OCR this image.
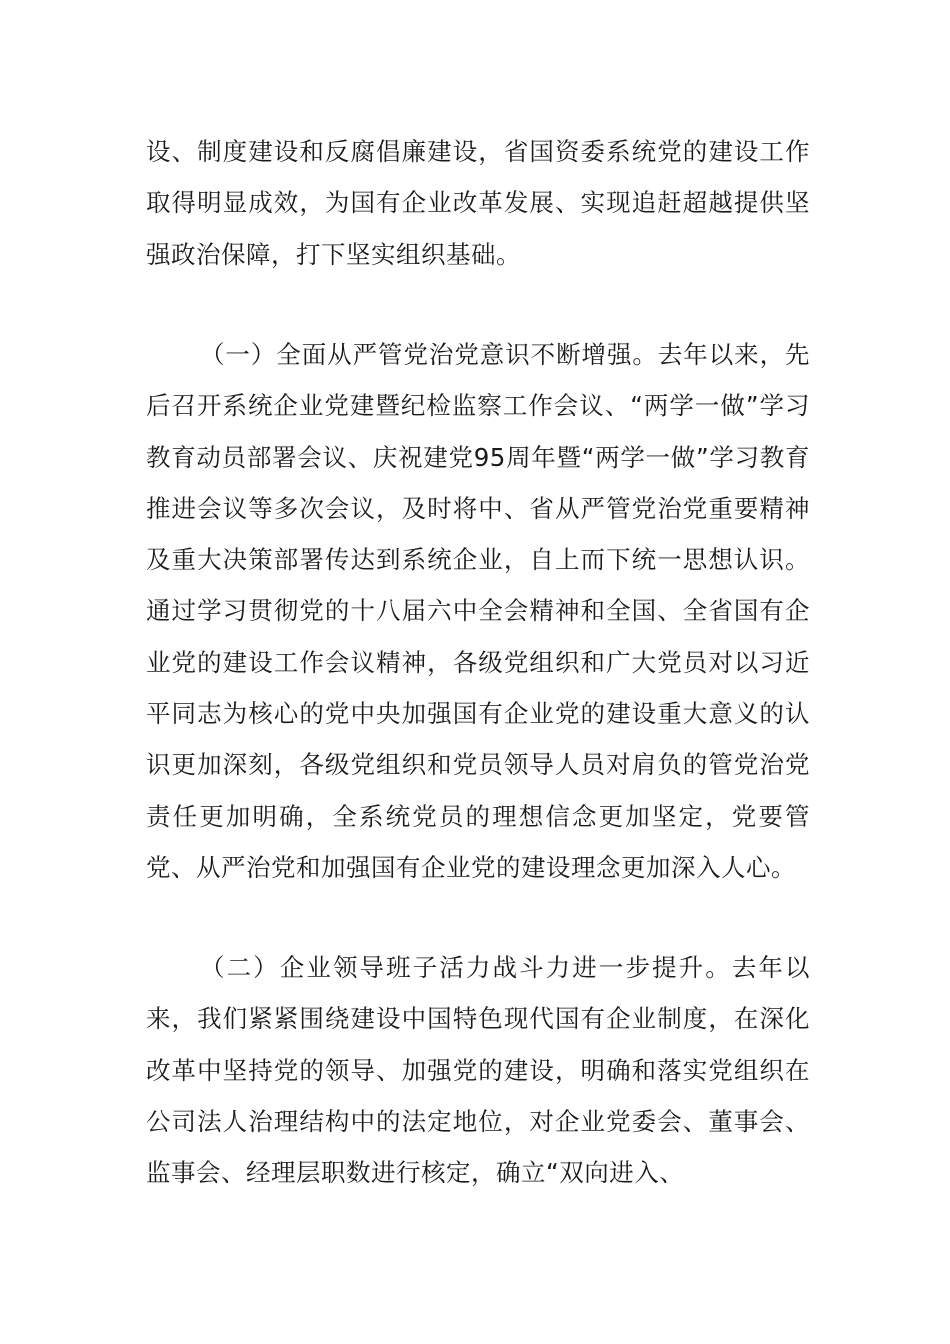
设、制度建设和反腐倡廉建设，省国资委系统党的建设工作取得明显成效，为国有企业改革发展、实现追赶超越提供坚强政治保障，打下坚实组织基础。

（一）全面从严管党治党意识不断增强。去年以来，先后召开系统企业党建暨纪检监察工作会议、“两学一做”学习教育动员部署会议、庆祝建党95周年暨“两学一做”学习教育推进会议等多次会议，及时将中、省从严管党治党重要精神及重大决策部署传达到系统企业，自上而下统一思想认识。通过学习贯彻党的十八届六中全会精神和全国、全省国有企业党的建设工作会议精神，各级党组织和广大党员对以习近平同志为核心的党中央加强国有企业党的建设重大意义的认识更加深刻，各级党组织和党员领导人员对肩负的管党治党责任更加明确，全系统党员的理想信念更加坚定，党要管党、从严治党和加强国有企业党的建设理念更加深入人心。

（二）企业领导班子活力战斗力进一步提升。去年以来，我们紧紧围绕建设中国特色现代国有企业制度，在深化改革中坚持党的领导、加强党的建设，明确和落实党组织在公司法人治理结构中的法定地位，对企业党委会、董事会、监事会、经理层职数进行核定，确立“双向进入、
